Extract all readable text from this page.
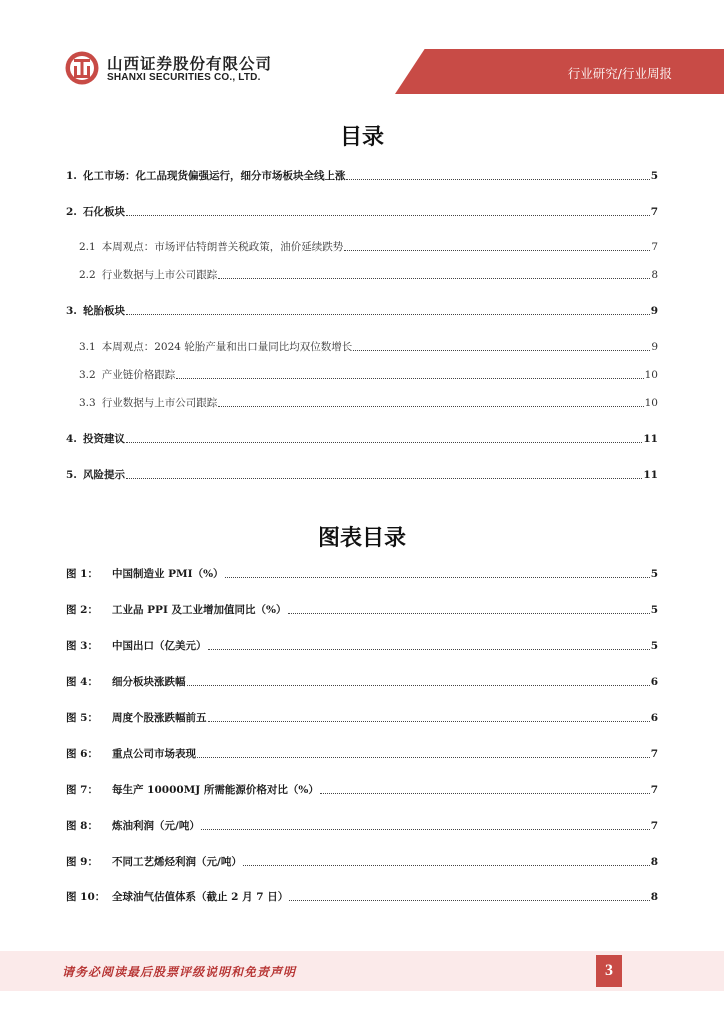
山西证券股份有限公司
SHANXI SECURITIES CO., LTD.	行业研究/行业周报
目录
1. 化工市场：化工品现货偏强运行，细分市场板块全线上涨	5
2. 石化板块	7
2.1 本周观点：市场评估特朗普关税政策，油价延续跌势	7
2.2 行业数据与上市公司跟踪	8
3. 轮胎板块	9
3.1 本周观点：2024 轮胎产量和出口量同比均双位数增长	9
3.2 产业链价格跟踪	10
3.3 行业数据与上市公司跟踪	10
4. 投资建议	11
5. 风险提示	11
图表目录
图 1： 中国制造业 PMI（%）	5
图 2： 工业品 PPI 及工业增加值同比（%）	5
图 3： 中国出口（亿美元）	5
图 4： 细分板块涨跌幅	6
图 5： 周度个股涨跌幅前五	6
图 6： 重点公司市场表现	7
图 7： 每生产 10000MJ 所需能源价格对比（%）	7
图 8： 炼油利润（元/吨）	7
图 9： 不同工艺烯烃利润（元/吨）	8
图 10： 全球油气估值体系（截止 2 月 7 日）	8
请务必阅读最后股票评级说明和免责声明	3
